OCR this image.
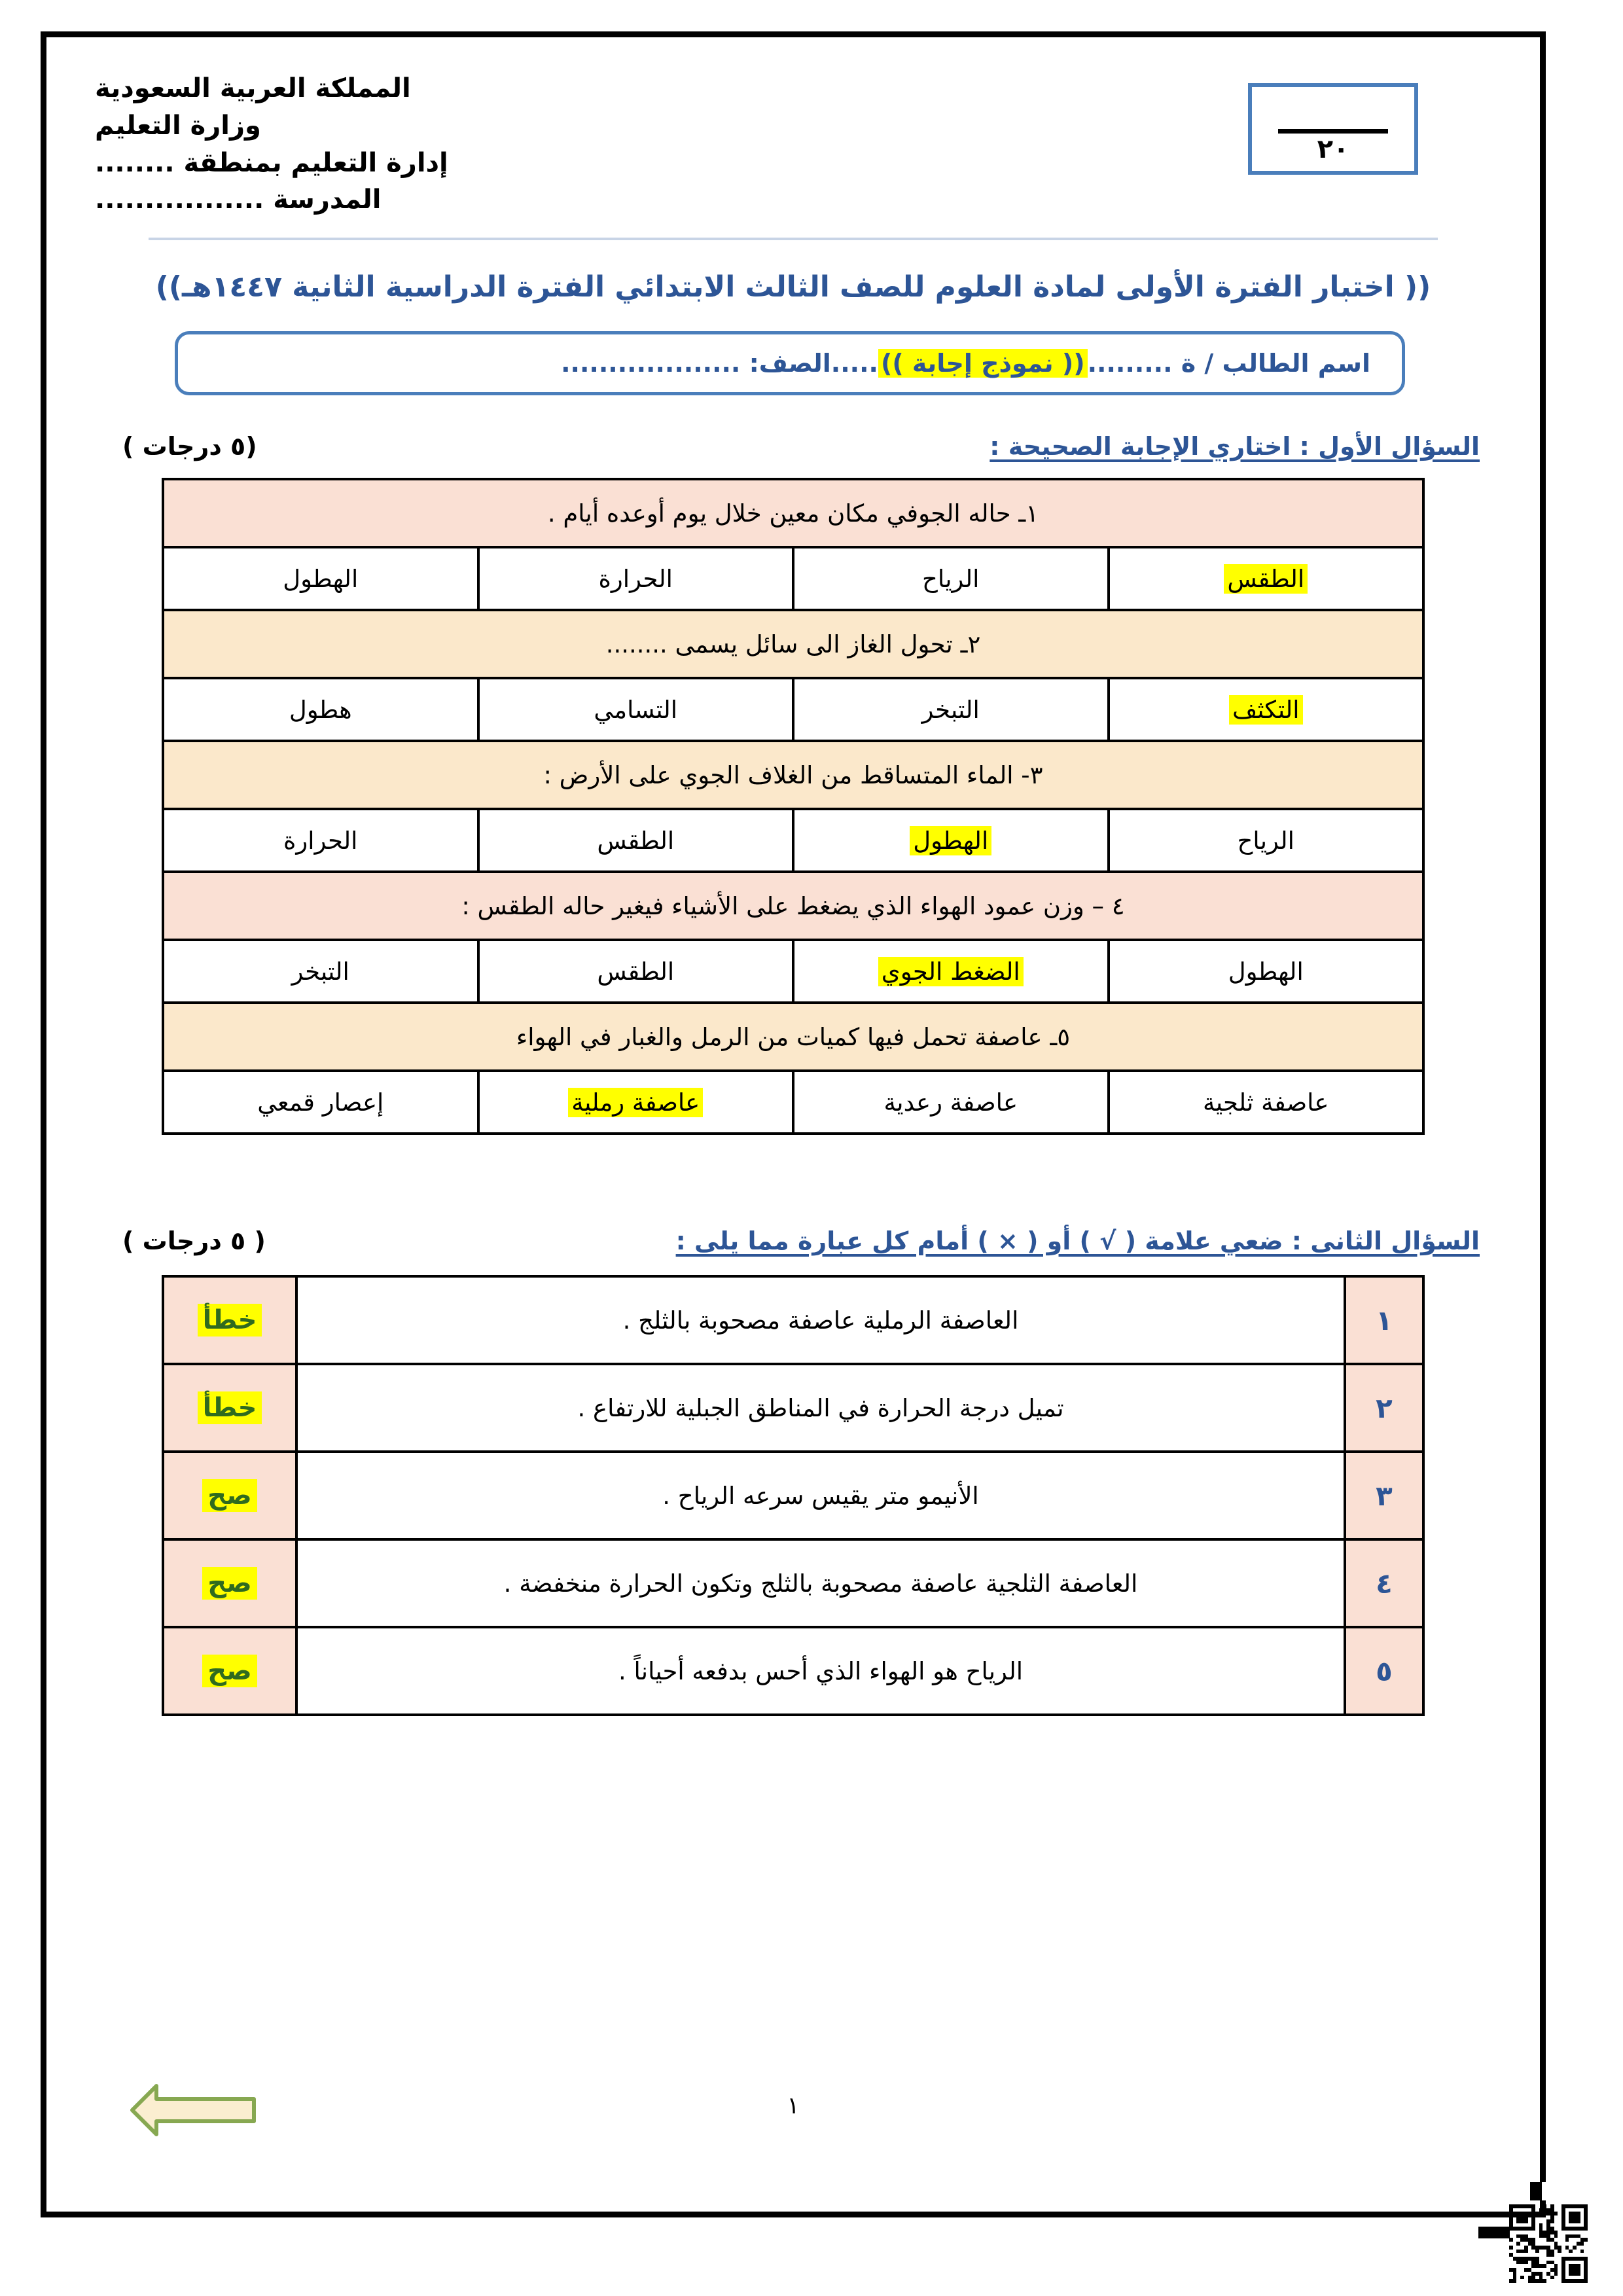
٢٠
المملكة العربية السعودية
وزارة التعليم
إدارة التعليم بمنطقة ........
المدرسة .................
(( اختبار الفترة الأولى لمادة العلوم للصف الثالث الابتدائي الفترة الدراسية الثانية ١٤٤٧هـ))
اسم الطالب / ة .........
(( نموذج إجابة ))
.....الصف: ...................
السؤال الأول : اختاري الإجابة الصحيحة :
(٥ درجات )
١ـ حاله الجوفي مكان معين خلال يوم أوعده أيام .			
الطقس	الرياح	الحرارة	الهطول
٢ـ تحول الغاز الى سائل يسمى ........			
التكثف	التبخر	التسامي	هطول
٣- الماء المتساقط من الغلاف الجوي على الأرض :			
الرياح	الهطول	الطقس	الحرارة
٤ – وزن عمود الهواء الذي يضغط على الأشياء فيغير حاله الطقس :			
الهطول	الضغط الجوي	الطقس	التبخر
٥ـ عاصفة تحمل فيها كميات من الرمل والغبار في الهواء			
عاصفة ثلجية	عاصفة رعدية	عاصفة رملية	إعصار قمعي
السؤال الثانى : ضعي علامة ( √ ) أو ( × ) أمام كل عبارة مما يلى :
( ٥ درجات )
١	العاصفة الرملية عاصفة مصحوبة بالثلج .	خطأ
٢	تميل درجة الحرارة في المناطق الجبلية للارتفاع .	خطأ
٣	الأنيمو متر يقيس سرعه الرياح .	صح
٤	العاصفة الثلجية عاصفة مصحوبة بالثلج وتكون الحرارة منخفضة .	صح
٥	الرياح هو الهواء الذي أحس بدفعه أحياناً .	صح
١
